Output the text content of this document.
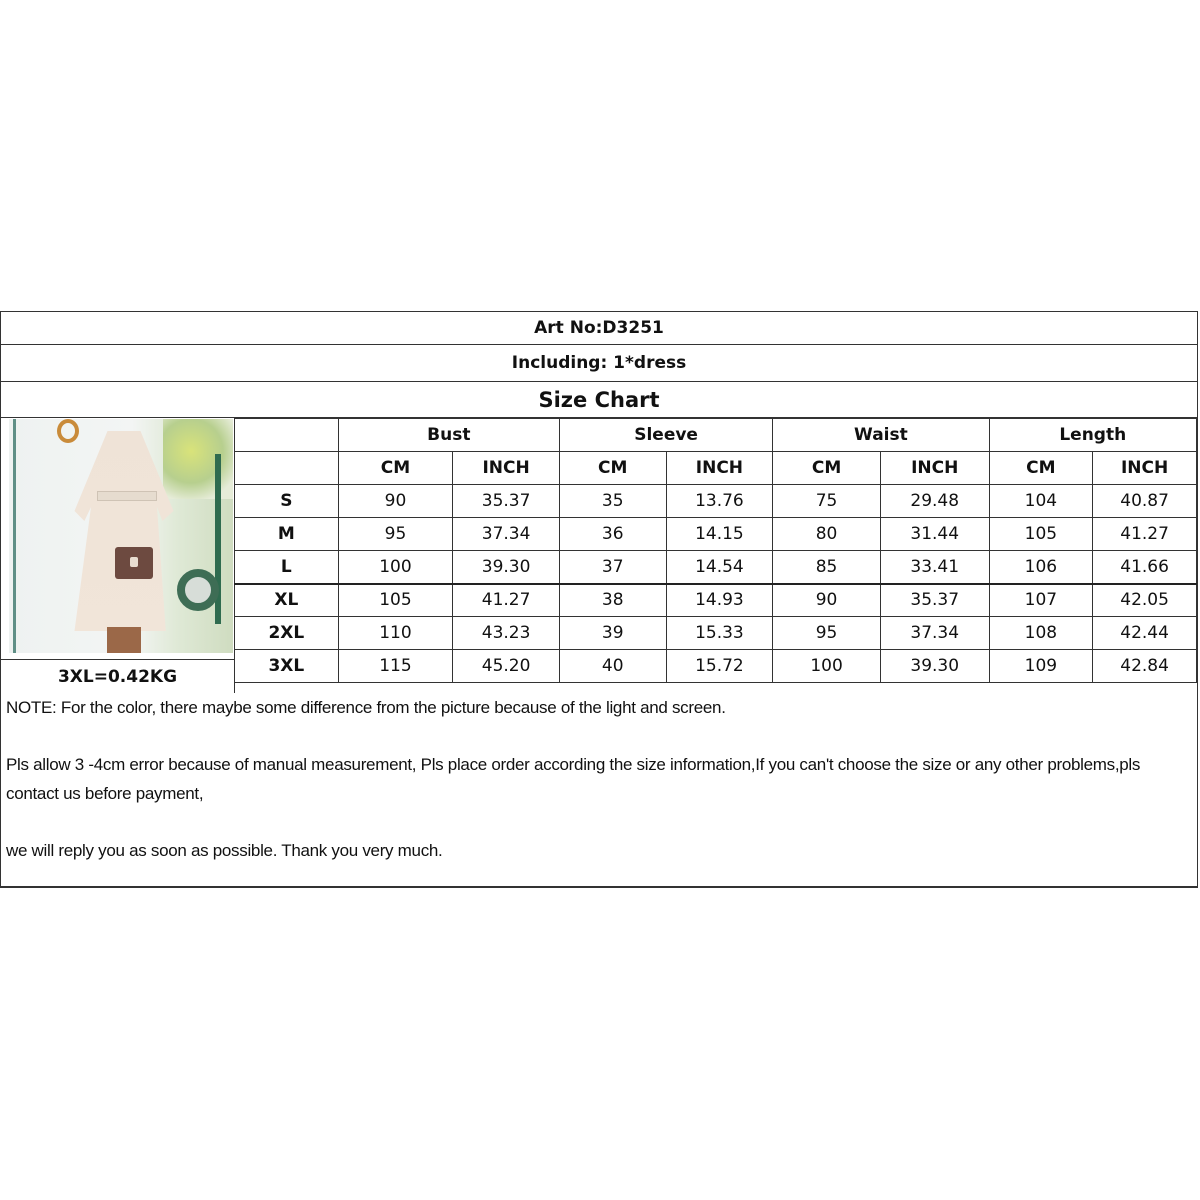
Art No:D3251
Including: 1*dress
Size Chart
	Bust		Sleeve		Waist		Length	
	CM	INCH	CM	INCH	CM	INCH	CM	INCH
S	90	35.37	35	13.76	75	29.48	104	40.87
M	95	37.34	36	14.15	80	31.44	105	41.27
L	100	39.30	37	14.54	85	33.41	106	41.66
XL	105	41.27	38	14.93	90	35.37	107	42.05
2XL	110	43.23	39	15.33	95	37.34	108	42.44
3XL	115	45.20	40	15.72	100	39.30	109	42.84
3XL=0.42KG

NOTE: For the color, there maybe some difference from the picture because of the light and screen.

Pls allow 3 -4cm error because of manual measurement, Pls place order according the size information,If you can't choose the size or any other problems,pls contact us before payment,

we will reply you as soon as possible. Thank you very much.
